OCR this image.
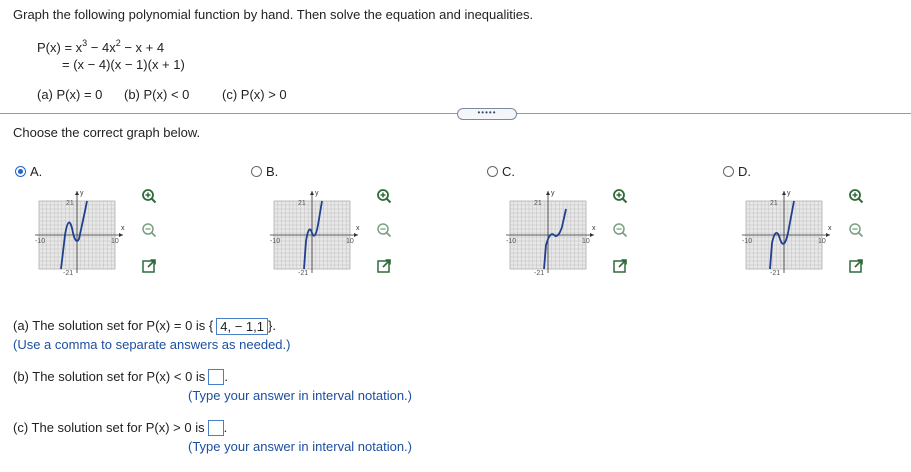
Graph the following polynomial function by hand. Then solve the equation and inequalities.
$P(x) = x^3 - 4x^2 - x + 4$
= (x − 4)(x − 1)(x + 1)
(a) P(x) = 0 (b) P(x) < 0	(c) P(x) > 0
•••••
Choose the correct graph below.
A.	B.	C.	D.
x
y
-10	10
21
-21
x
y
-10	10
21
-21
x
y
-10	10
21
-21
x
y
-10	10
21
-21
(a) The solution set for P(x) = 0 is { 4, − 1,1 }.
(Use a comma to separate answers as needed.)
(b) The solution set for P(x) < 0 is .
(Type your answer in interval notation.)
(c) The solution set for P(x) > 0 is .
(Type your answer in interval notation.)
